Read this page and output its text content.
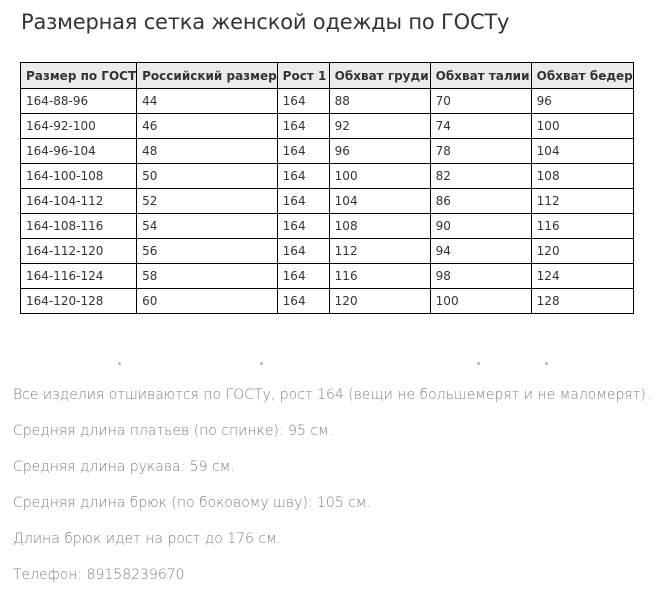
Размерная сетка женской одежды по ГОСТу
Размер по ГОСТ	Российский размер	Рост 1	Обхват груди	Обхват талии	Обхват бедер
164-88-96	44	164	88	70	96
164-92-100	46	164	92	74	100
164-96-104	48	164	96	78	104
164-100-108	50	164	100	82	108
164-104-112	52	164	104	86	112
164-108-116	54	164	108	90	116
164-112-120	56	164	112	94	120
164-116-124	58	164	116	98	124
164-120-128	60	164	120	100	128

Все изделия отшиваются по ГОСТу, рост 164 (вещи не большемерят и не маломерят).

Средняя длина платьев (по спинке): 95 см.

Средняя длина рукава: 59 см.

Средняя длина брюк (по боковому шву): 105 см.

Длина брюк идет на рост до 176 см.

Телефон: 89158239670
